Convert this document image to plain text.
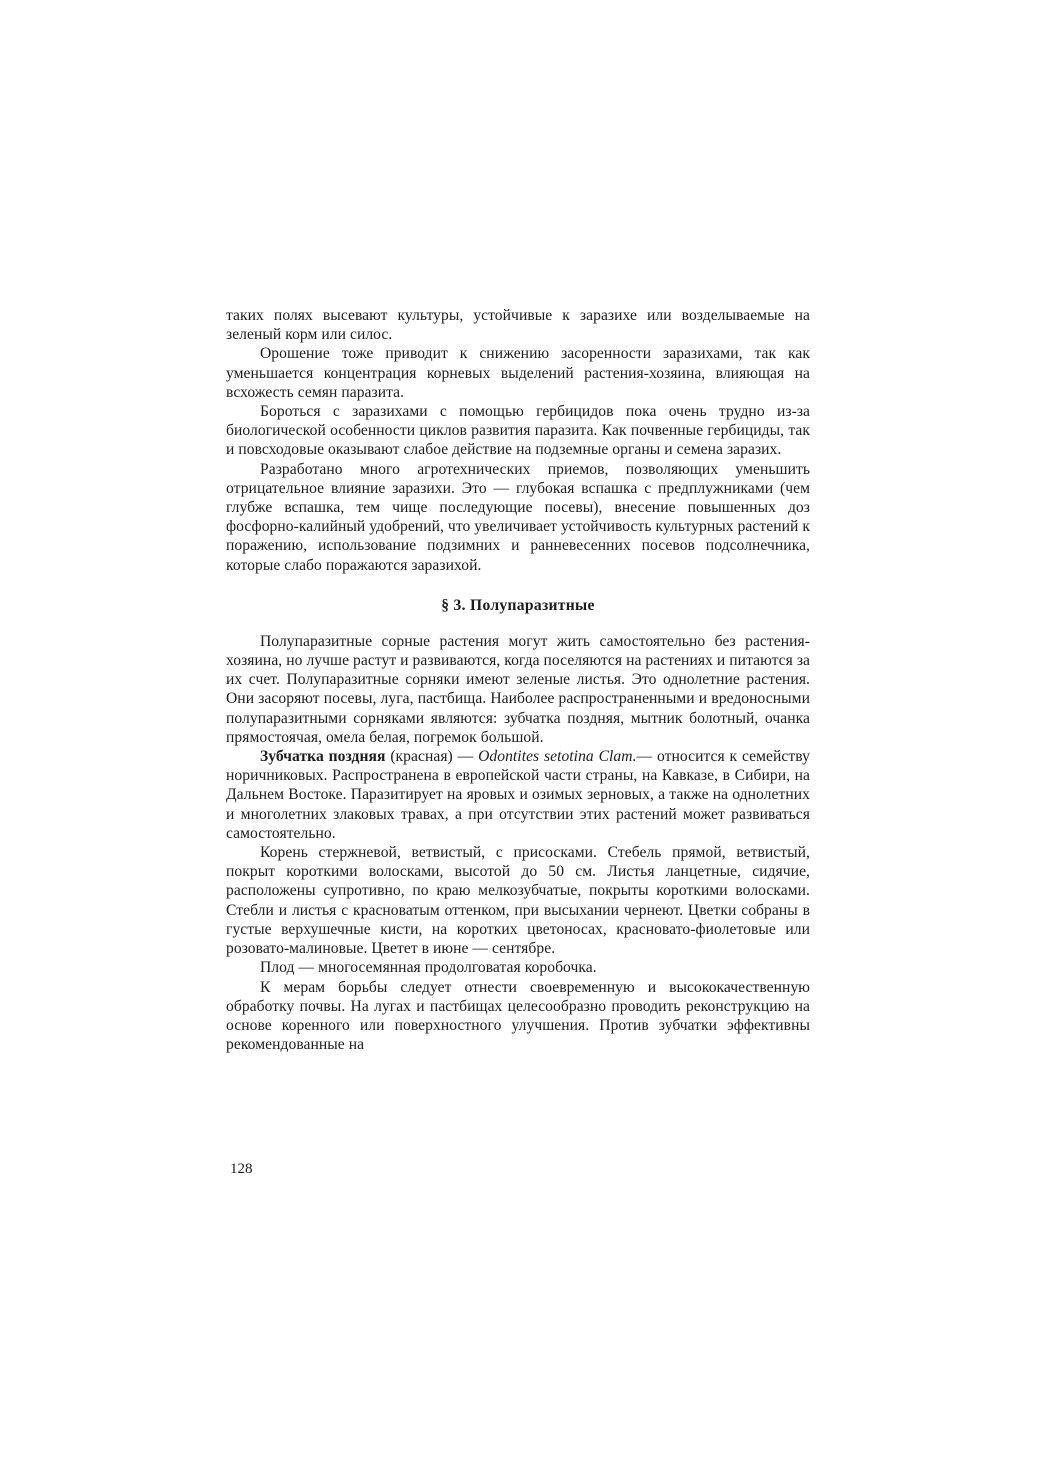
таких полях высевают культуры, устойчивые к заразихе или возделываемые на зеленый корм или силос.

Орошение тоже приводит к снижению засоренности заразихами, так как уменьшается концентрация корневых выделений растения-хозяина, влияющая на всхожесть семян паразита.

Бороться с заразихами с помощью гербицидов пока очень трудно из-за биологической особенности циклов развития паразита. Как почвенные гербициды, так и повсходовые оказывают слабое действие на подземные органы и семена заразих.

Разработано много агротехнических приемов, позволяющих уменьшить отрицательное влияние заразихи. Это — глубокая вспашка с предплужниками (чем глубже вспашка, тем чище последующие посевы), внесение повышенных доз фосфорно-калийный удобрений, что увеличивает устойчивость культурных растений к поражению, использование подзимних и ранневесенних посевов подсолнечника, которые слабо поражаются заразихой.

§ 3. Полупаразитные

Полупаразитные сорные растения могут жить самостоятельно без растения-хозяина, но лучше растут и развиваются, когда поселяются на растениях и питаются за их счет. Полупаразитные сорняки имеют зеленые листья. Это однолетние растения. Они засоряют посевы, луга, пастбища. Наиболее распространенными и вредоносными полупаразитными сорняками являются: зубчатка поздняя, мытник болотный, очанка прямостоячая, омела белая, погремок большой.

Зубчатка поздняя (красная) — Odontites setotina Clam.— относится к семейству норичниковых. Распространена в европейской части страны, на Кавказе, в Сибири, на Дальнем Востоке. Паразитирует на яровых и озимых зерновых, а также на однолетних и многолетних злаковых травах, а при отсутствии этих растений может развиваться самостоятельно.

Корень стержневой, ветвистый, с присосками. Стебель прямой, ветвистый, покрыт короткими волосками, высотой до 50 см. Листья ланцетные, сидячие, расположены супротивно, по краю мелкозубчатые, покрыты короткими волосками. Стебли и листья с красноватым оттенком, при высыхании чернеют. Цветки собраны в густые верхушечные кисти, на коротких цветоносах, красновато-фиолетовые или розовато-малиновые. Цветет в июне — сентябре.

Плод — многосемянная продолговатая коробочка.

К мерам борьбы следует отнести своевременную и высококачественную обработку почвы. На лугах и пастбищах целесообразно проводить реконструкцию на основе коренного или поверхностного улучшения. Против зубчатки эффективны рекомендованные на

128
